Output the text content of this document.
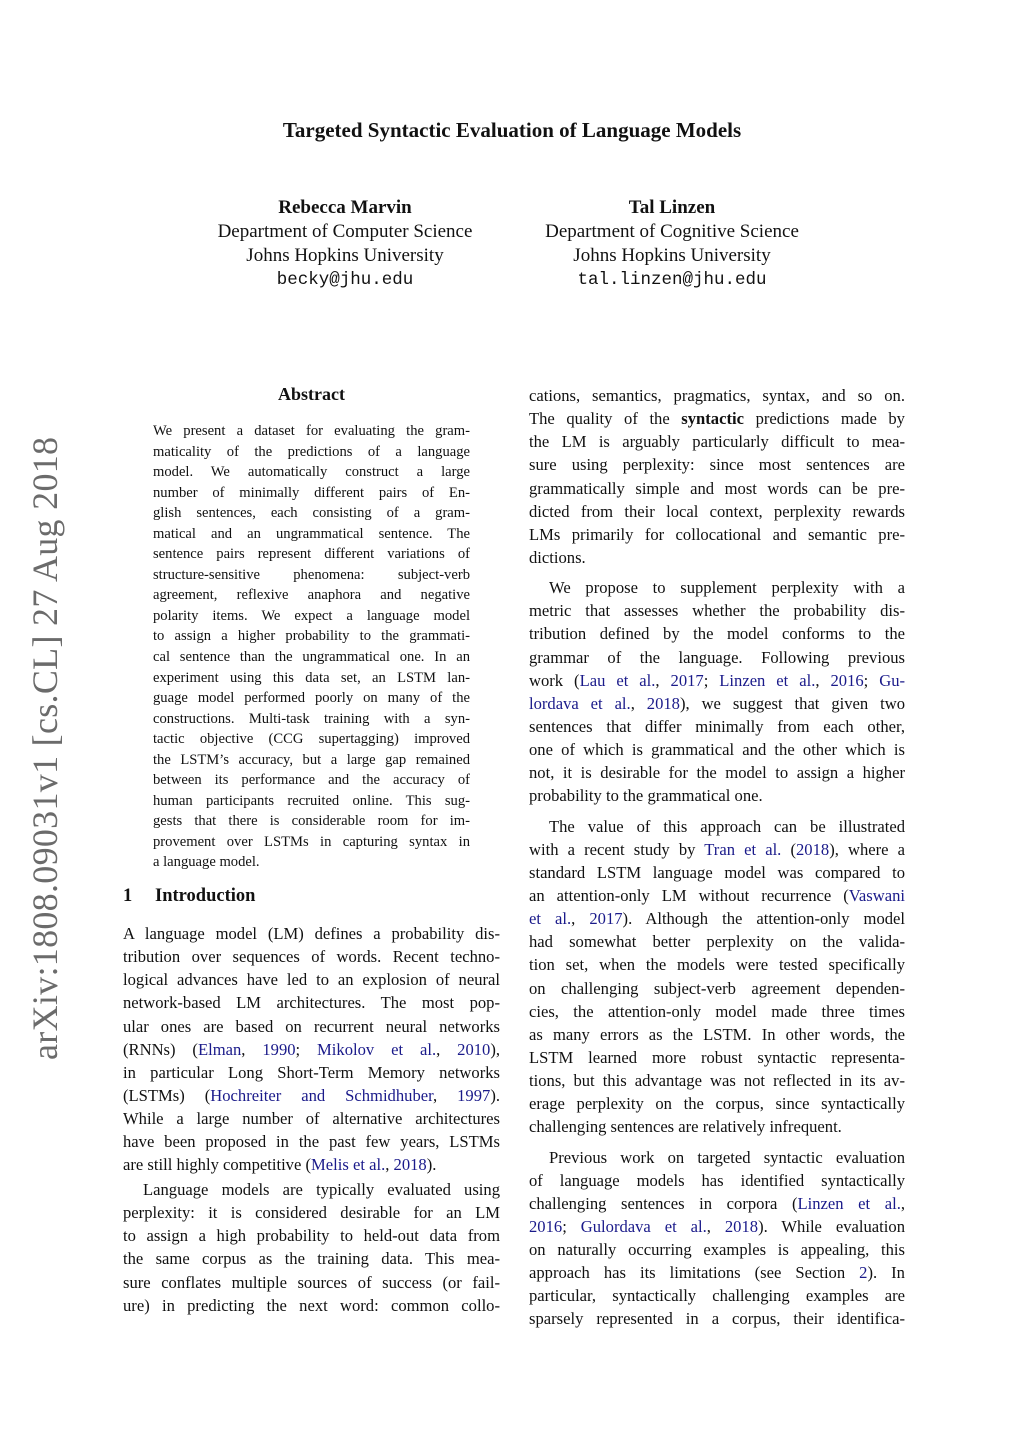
Targeted Syntactic Evaluation of Language Models
Rebecca Marvin
Department of Computer Science
Johns Hopkins University
becky@jhu.edu
Tal Linzen
Department of Cognitive Science
Johns Hopkins University
tal.linzen@jhu.edu
arXiv:1808.09031v1 [cs.CL] 27 Aug 2018
Abstract
We present a dataset for evaluating the gram-
maticality of the predictions of a language
model. We automatically construct a large
number of minimally different pairs of En-
glish sentences, each consisting of a gram-
matical and an ungrammatical sentence. The
sentence pairs represent different variations of
structure-sensitive phenomena: subject-verb
agreement, reflexive anaphora and negative
polarity items. We expect a language model
to assign a higher probability to the grammati-
cal sentence than the ungrammatical one. In an
experiment using this data set, an LSTM lan-
guage model performed poorly on many of the
constructions. Multi-task training with a syn-
tactic objective (CCG supertagging) improved
the LSTM’s accuracy, but a large gap remained
between its performance and the accuracy of
human participants recruited online. This sug-
gests that there is considerable room for im-
provement over LSTMs in capturing syntax in
a language model.
1 Introduction
A language model (LM) defines a probability dis-
tribution over sequences of words. Recent techno-
logical advances have led to an explosion of neural
network-based LM architectures. The most pop-
ular ones are based on recurrent neural networks
(RNNs) (Elman, 1990; Mikolov et al., 2010),
in particular Long Short-Term Memory networks
(LSTMs) (Hochreiter and Schmidhuber, 1997).
While a large number of alternative architectures
have been proposed in the past few years, LSTMs
are still highly competitive (Melis et al., 2018).
Language models are typically evaluated using
perplexity: it is considered desirable for an LM
to assign a high probability to held-out data from
the same corpus as the training data. This mea-
sure conflates multiple sources of success (or fail-
ure) in predicting the next word: common collo-
cations, semantics, pragmatics, syntax, and so on.
The quality of the syntactic predictions made by
the LM is arguably particularly difficult to mea-
sure using perplexity: since most sentences are
grammatically simple and most words can be pre-
dicted from their local context, perplexity rewards
LMs primarily for collocational and semantic pre-
dictions.
We propose to supplement perplexity with a
metric that assesses whether the probability dis-
tribution defined by the model conforms to the
grammar of the language. Following previous
work (Lau et al., 2017; Linzen et al., 2016; Gu-
lordava et al., 2018), we suggest that given two
sentences that differ minimally from each other,
one of which is grammatical and the other which is
not, it is desirable for the model to assign a higher
probability to the grammatical one.
The value of this approach can be illustrated
with a recent study by Tran et al. (2018), where a
standard LSTM language model was compared to
an attention-only LM without recurrence (Vaswani
et al., 2017). Although the attention-only model
had somewhat better perplexity on the valida-
tion set, when the models were tested specifically
on challenging subject-verb agreement dependen-
cies, the attention-only model made three times
as many errors as the LSTM. In other words, the
LSTM learned more robust syntactic representa-
tions, but this advantage was not reflected in its av-
erage perplexity on the corpus, since syntactically
challenging sentences are relatively infrequent.
Previous work on targeted syntactic evaluation
of language models has identified syntactically
challenging sentences in corpora (Linzen et al.,
2016; Gulordava et al., 2018). While evaluation
on naturally occurring examples is appealing, this
approach has its limitations (see Section 2). In
particular, syntactically challenging examples are
sparsely represented in a corpus, their identifica-
